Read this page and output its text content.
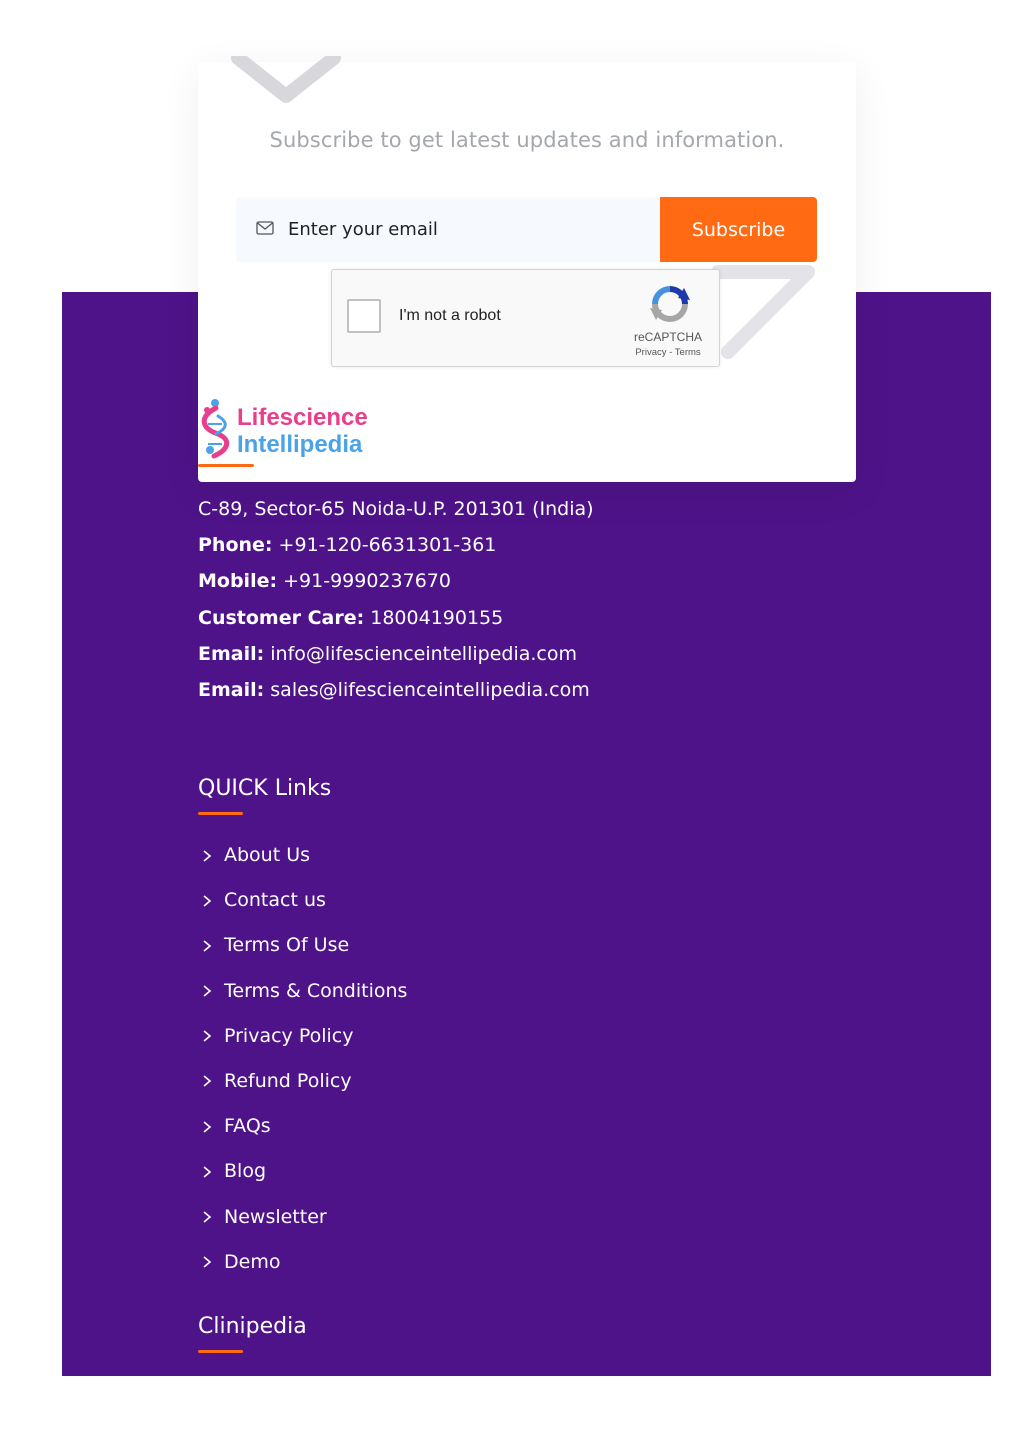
Subscribe to get latest updates and information.
Enter your email
Subscribe
I'm not a robot
reCAPTCHA
Privacy - Terms
Lifescience
Intellipedia
C-89, Sector-65 Noida-U.P. 201301 (India)
Phone: +91-120-6631301-361
Mobile: +91-9990237670
Customer Care: 18004190155
Email: info@lifescienceintellipedia.com
Email: sales@lifescienceintellipedia.com
QUICK Links
About Us
Contact us
Terms Of Use
Terms & Conditions
Privacy Policy
Refund Policy
FAQs
Blog
Newsletter
Demo
Clinipedia
